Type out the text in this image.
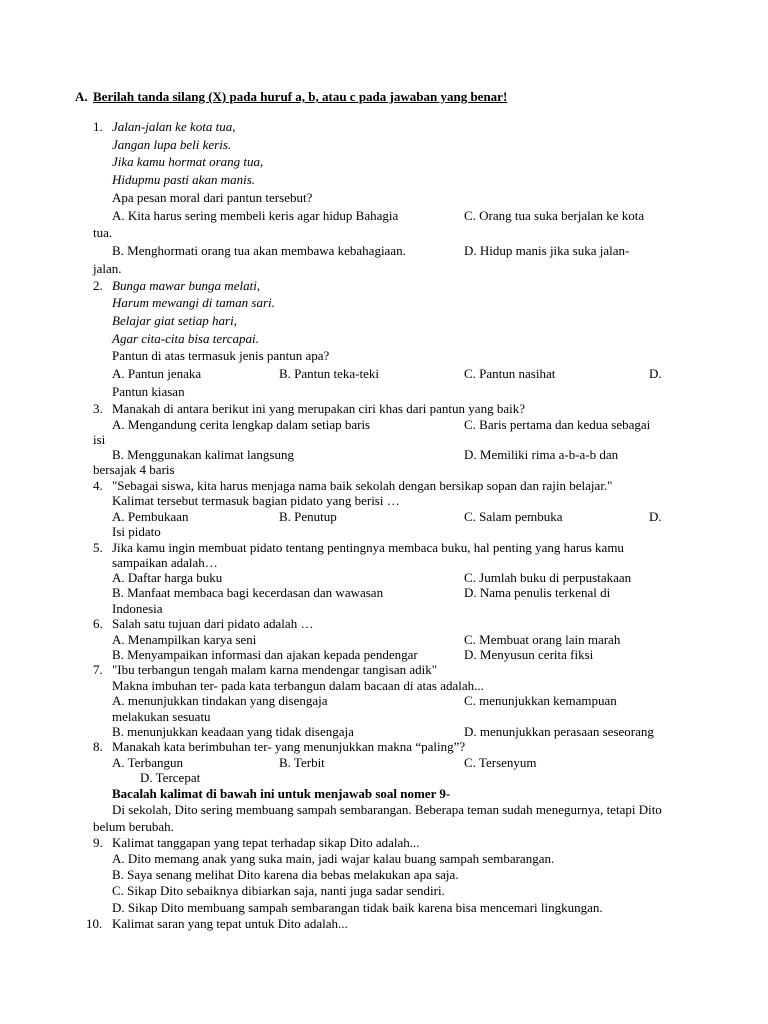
A. Berilah tanda silang (X) pada huruf a, b, atau c pada jawaban yang benar!
1. Jalan-jalan ke kota tua,
Jangan lupa beli keris.
Jika kamu hormat orang tua,
Hidupmu pasti akan manis.
Apa pesan moral dari pantun tersebut?
A. Kita harus sering membeli keris agar hidup Bahagia	C. Orang tua suka berjalan ke kota
tua.
B. Menghormati orang tua akan membawa kebahagiaan.	D. Hidup manis jika suka jalan-
jalan.
2. Bunga mawar bunga melati,
Harum mewangi di taman sari.
Belajar giat setiap hari,
Agar cita-cita bisa tercapai.
Pantun di atas termasuk jenis pantun apa?
A. Pantun jenaka	B. Pantun teka-teki	C. Pantun nasihat	D.
Pantun kiasan
3. Manakah di antara berikut ini yang merupakan ciri khas dari pantun yang baik?
A. Mengandung cerita lengkap dalam setiap baris	C. Baris pertama dan kedua sebagai
isi
B. Menggunakan kalimat langsung	D. Memiliki rima a-b-a-b dan
bersajak 4 baris
4. "Sebagai siswa, kita harus menjaga nama baik sekolah dengan bersikap sopan dan rajin belajar."
Kalimat tersebut termasuk bagian pidato yang berisi …
A. Pembukaan	B. Penutup	C. Salam pembuka	D.
Isi pidato
5. Jika kamu ingin membuat pidato tentang pentingnya membaca buku, hal penting yang harus kamu
sampaikan adalah…
A. Daftar harga buku	C. Jumlah buku di perpustakaan
B. Manfaat membaca bagi kecerdasan dan wawasan	D. Nama penulis terkenal di
Indonesia
6. Salah satu tujuan dari pidato adalah …
A. Menampilkan karya seni	C. Membuat orang lain marah
B. Menyampaikan informasi dan ajakan kepada pendengar	D. Menyusun cerita fiksi
7. "Ibu terbangun tengah malam karna mendengar tangisan adik"
Makna imbuhan ter- pada kata terbangun dalam bacaan di atas adalah...
A. menunjukkan tindakan yang disengaja	C. menunjukkan kemampuan
melakukan sesuatu
B. menunjukkan keadaan yang tidak disengaja	D. menunjukkan perasaan seseorang
8. Manakah kata berimbuhan ter- yang menunjukkan makna “paling”?
A. Terbangun	B. Terbit	C. Tersenyum
D. Tercepat
Bacalah kalimat di bawah ini untuk menjawab soal nomer 9-
Di sekolah, Dito sering membuang sampah sembarangan. Beberapa teman sudah menegurnya, tetapi Dito
belum berubah.
9. Kalimat tanggapan yang tepat terhadap sikap Dito adalah...
A. Dito memang anak yang suka main, jadi wajar kalau buang sampah sembarangan.
B. Saya senang melihat Dito karena dia bebas melakukan apa saja.
C. Sikap Dito sebaiknya dibiarkan saja, nanti juga sadar sendiri.
D. Sikap Dito membuang sampah sembarangan tidak baik karena bisa mencemari lingkungan.
10. Kalimat saran yang tepat untuk Dito adalah...
